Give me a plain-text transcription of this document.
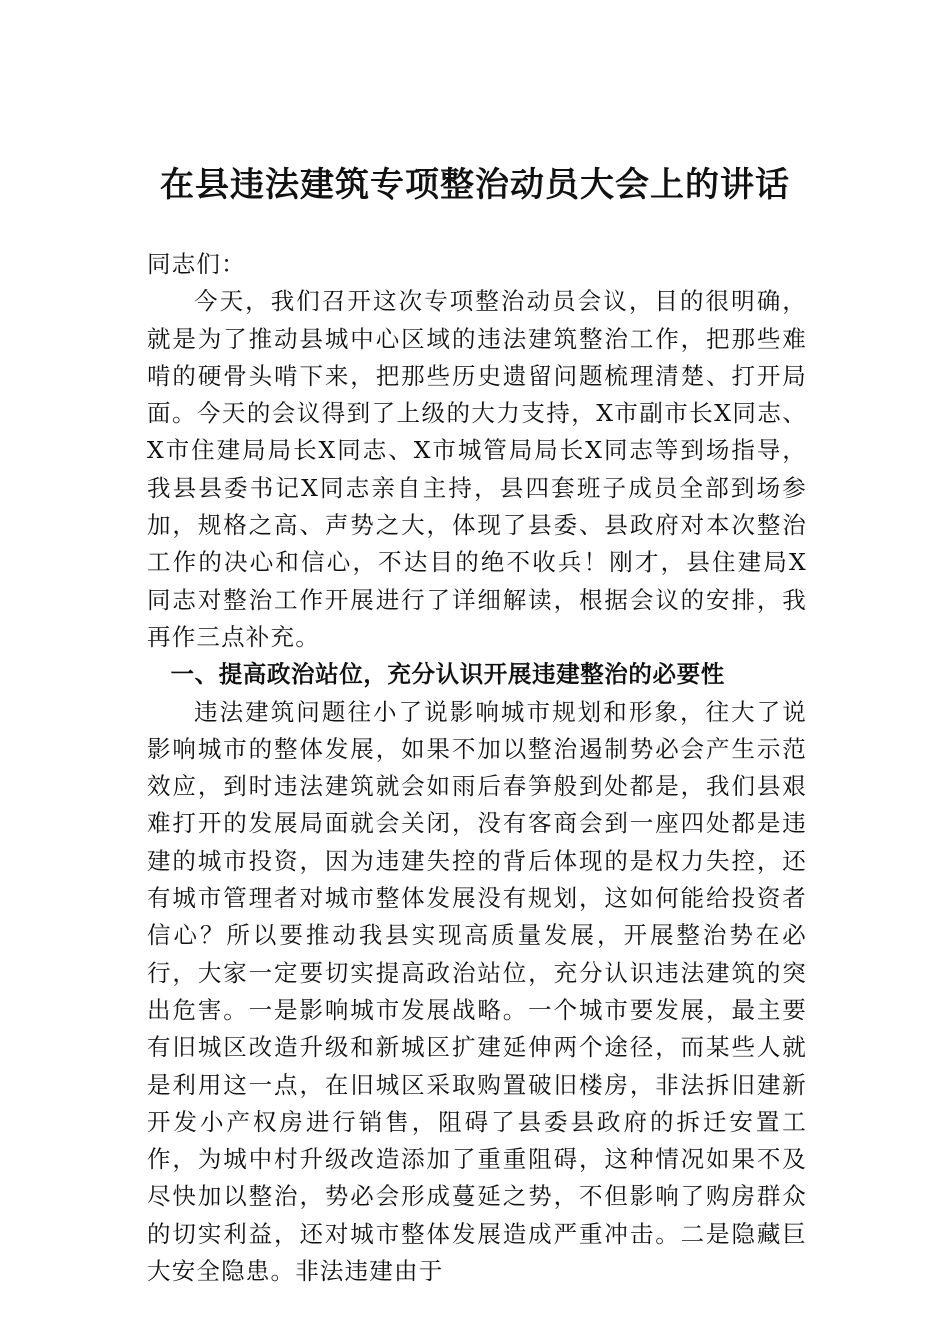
在县违法建筑专项整治动员大会上的讲话

同志们：

今天，我们召开这次专项整治动员会议，目的很明确，就是为了推动县城中心区域的违法建筑整治工作，把那些难啃的硬骨头啃下来，把那些历史遗留问题梳理清楚、打开局面。今天的会议得到了上级的大力支持，X市副市长X同志、X市住建局局长X同志、X市城管局局长X同志等到场指导，我县县委书记X同志亲自主持，县四套班子成员全部到场参加，规格之高、声势之大，体现了县委、县政府对本次整治工作的决心和信心，不达目的绝不收兵！刚才，县住建局X同志对整治工作开展进行了详细解读，根据会议的安排，我再作三点补充。

一、提高政治站位，充分认识开展违建整治的必要性

违法建筑问题往小了说影响城市规划和形象，往大了说影响城市的整体发展，如果不加以整治遏制势必会产生示范效应，到时违法建筑就会如雨后春笋般到处都是，我们县艰难打开的发展局面就会关闭，没有客商会到一座四处都是违建的城市投资，因为违建失控的背后体现的是权力失控，还有城市管理者对城市整体发展没有规划，这如何能给投资者信心？所以要推动我县实现高质量发展，开展整治势在必行，大家一定要切实提高政治站位，充分认识违法建筑的突出危害。一是影响城市发展战略。一个城市要发展，最主要有旧城区改造升级和新城区扩建延伸两个途径，而某些人就是利用这一点，在旧城区采取购置破旧楼房，非法拆旧建新开发小产权房进行销售，阻碍了县委县政府的拆迁安置工作，为城中村升级改造添加了重重阻碍，这种情况如果不及尽快加以整治，势必会形成蔓延之势，不但影响了购房群众的切实利益，还对城市整体发展造成严重冲击。二是隐藏巨大安全隐患。非法违建由于
